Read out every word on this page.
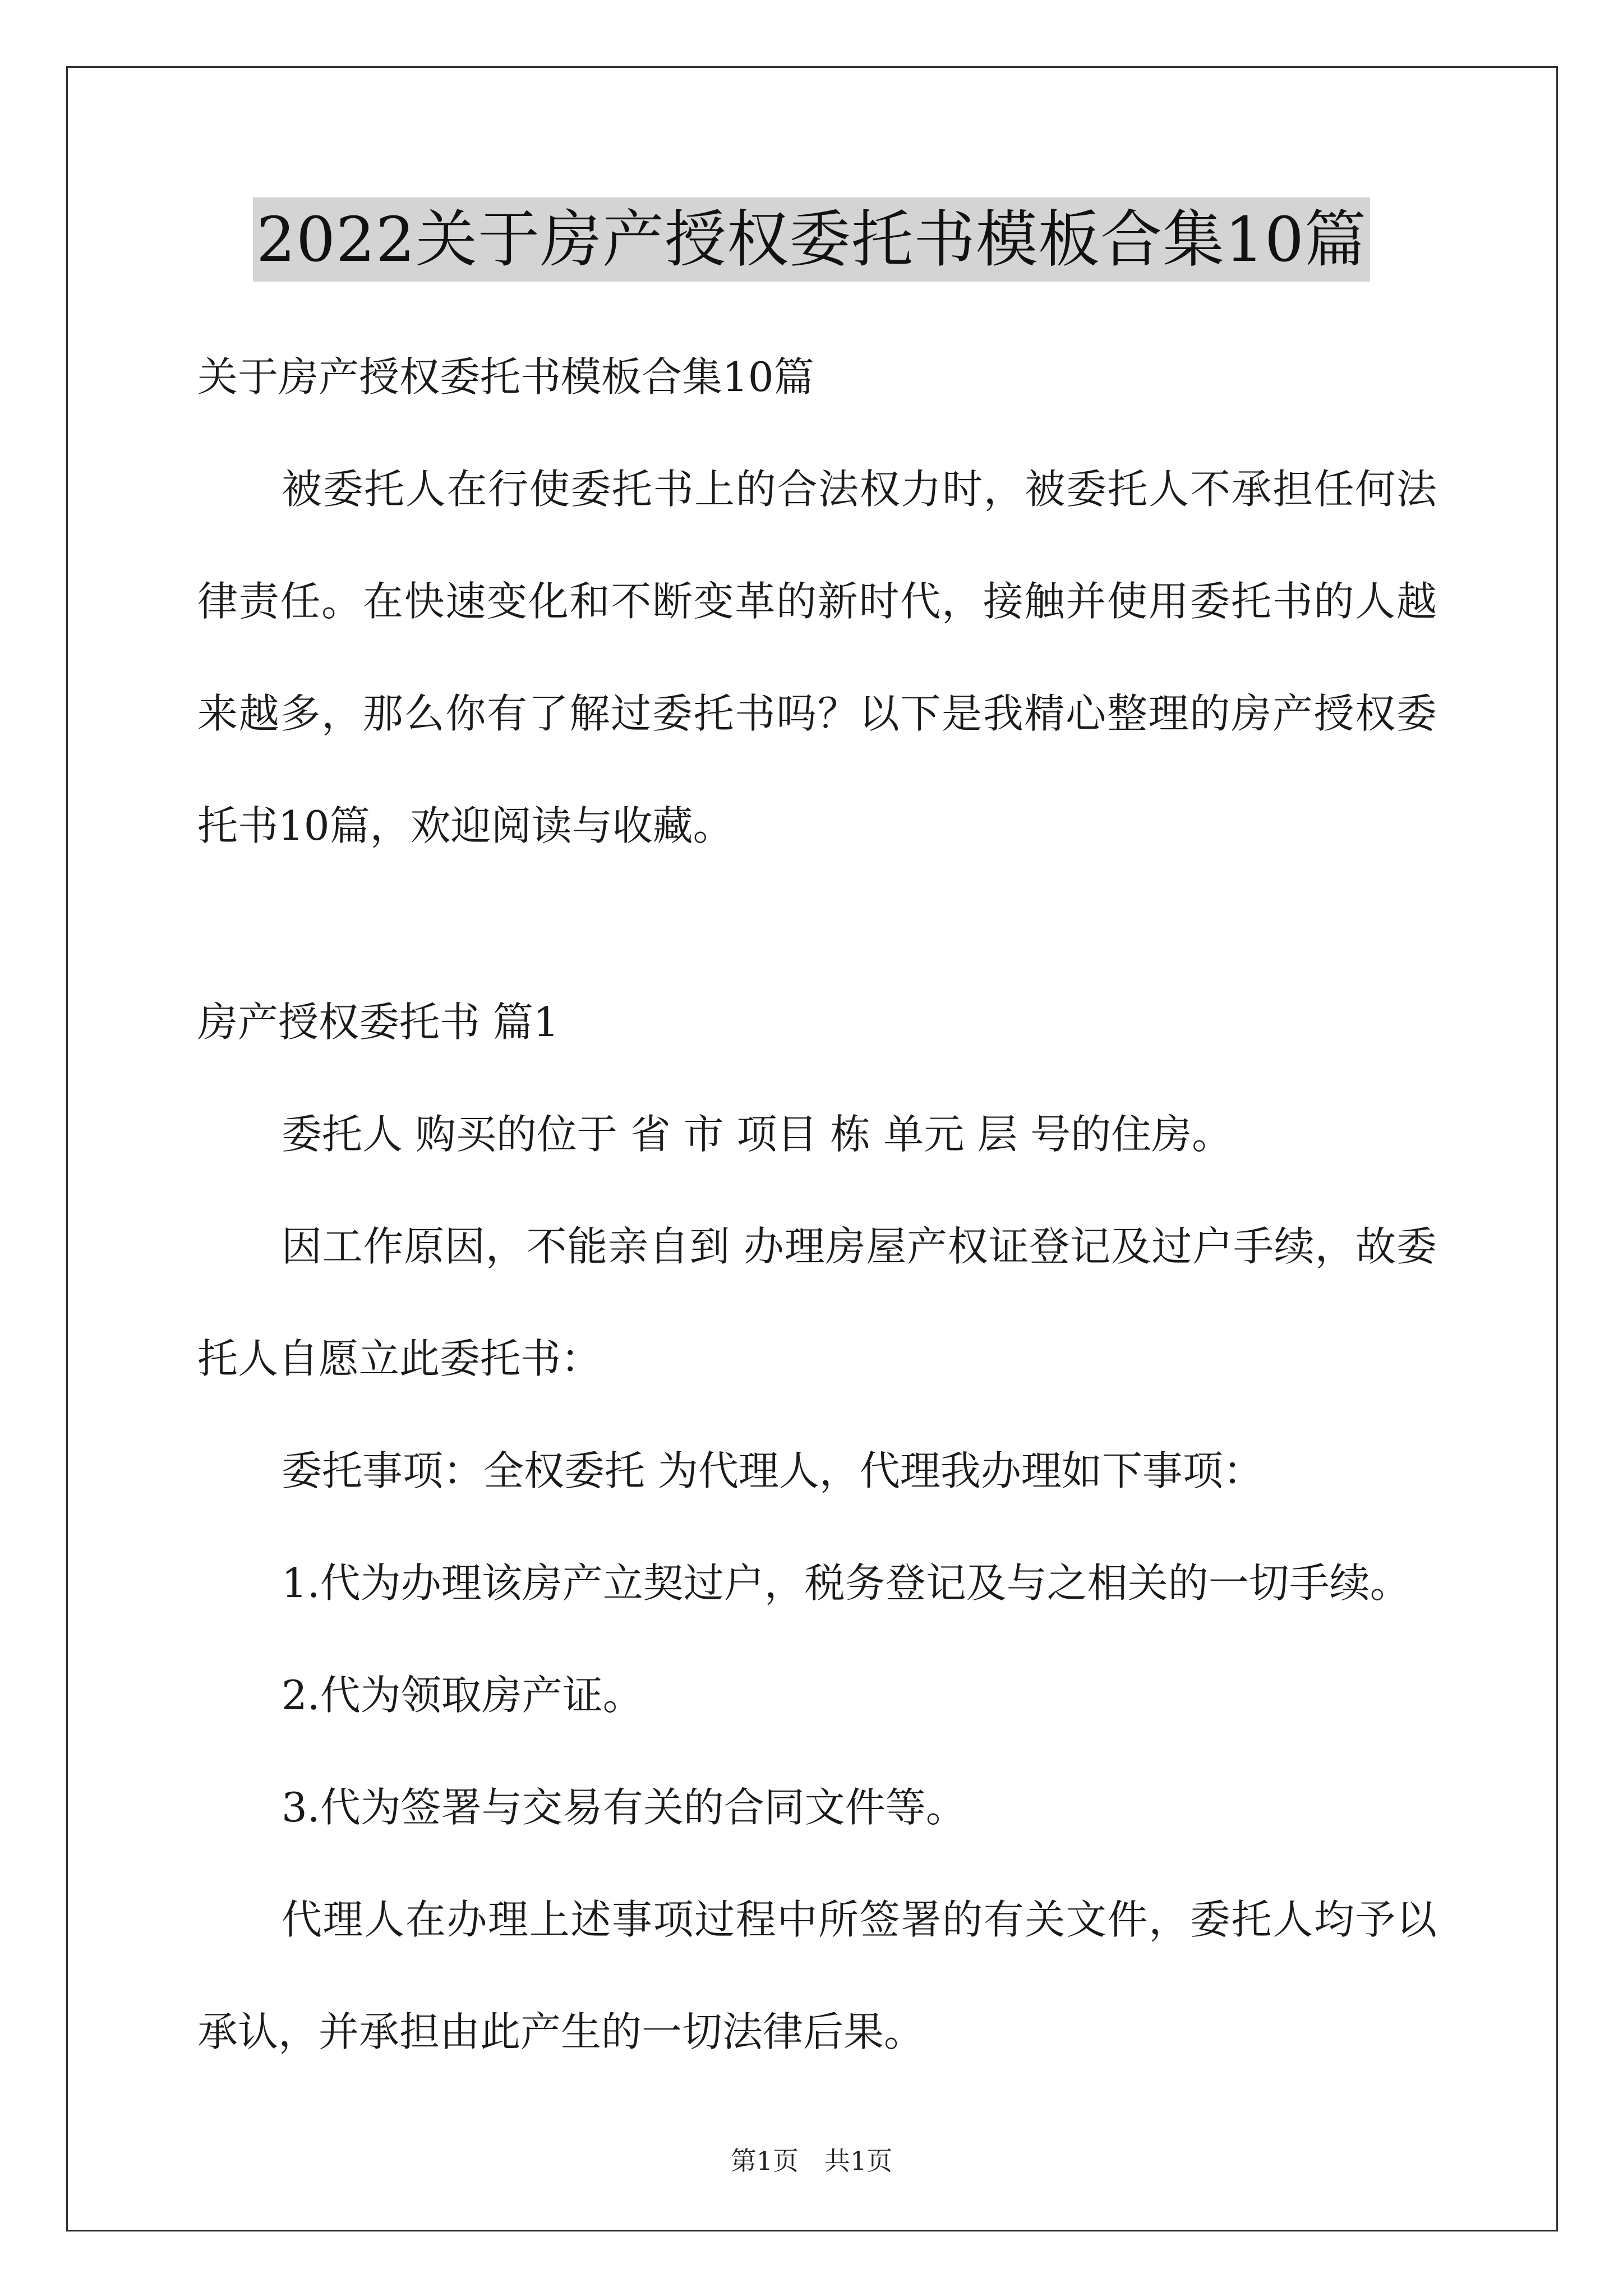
2022关于房产授权委托书模板合集10篇
关于房产授权委托书模板合集10篇
被委托人在行使委托书上的合法权力时，被委托人不承担任何法
律责任。在快速变化和不断变革的新时代，接触并使用委托书的人越
来越多，那么你有了解过委托书吗？以下是我精心整理的房产授权委
托书10篇，欢迎阅读与收藏。
房产授权委托书 篇1
委托人 购买的位于 省 市 项目 栋 单元 层 号的住房。
因工作原因，不能亲自到 办理房屋产权证登记及过户手续，故委
托人自愿立此委托书：
委托事项：全权委托 为代理人，代理我办理如下事项：
1.代为办理该房产立契过户，税务登记及与之相关的一切手续。
2.代为领取房产证。
3.代为签署与交易有关的合同文件等。
代理人在办理上述事项过程中所签署的有关文件，委托人均予以
承认，并承担由此产生的一切法律后果。
第1页　共1页
